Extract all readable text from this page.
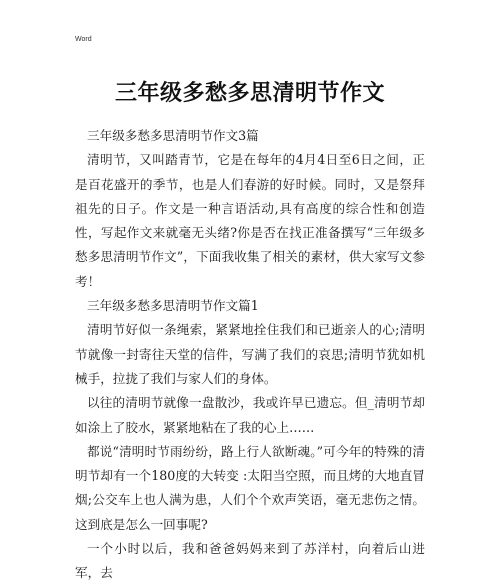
Word
三年级多愁多思清明节作文

三年级多愁多思清明节作文3篇

清明节，又叫踏青节，它是在每年的4月4日至6日之间，正是百花盛开的季节，也是人们春游的好时候。同时，又是祭拜祖先的日子。作文是一种言语活动,具有高度的综合性和创造性，写起作文来就毫无头绪?你是否在找正准备撰写“三年级多愁多思清明节作文”，下面我收集了相关的素材，供大家写文参考！

三年级多愁多思清明节作文篇1

清明节好似一条绳索，紧紧地拴住我们和已逝亲人的心;清明节就像一封寄往天堂的信件，写满了我们的哀思;清明节犹如机械手，拉拢了我们与家人们的身体。

以往的清明节就像一盘散沙，我或许早已遗忘。但_清明节却如涂上了胶水，紧紧地粘在了我的心上……

都说“清明时节雨纷纷，路上行人欲断魂。”可今年的特殊的清明节却有一个180度的大转变 :太阳当空照，而且烤的大地直冒烟;公交车上也人满为患，人们个个欢声笑语，毫无悲伤之情。这到底是怎么一回事呢?

一个小时以后，我和爸爸妈妈来到了苏洋村，向着后山进军，去
